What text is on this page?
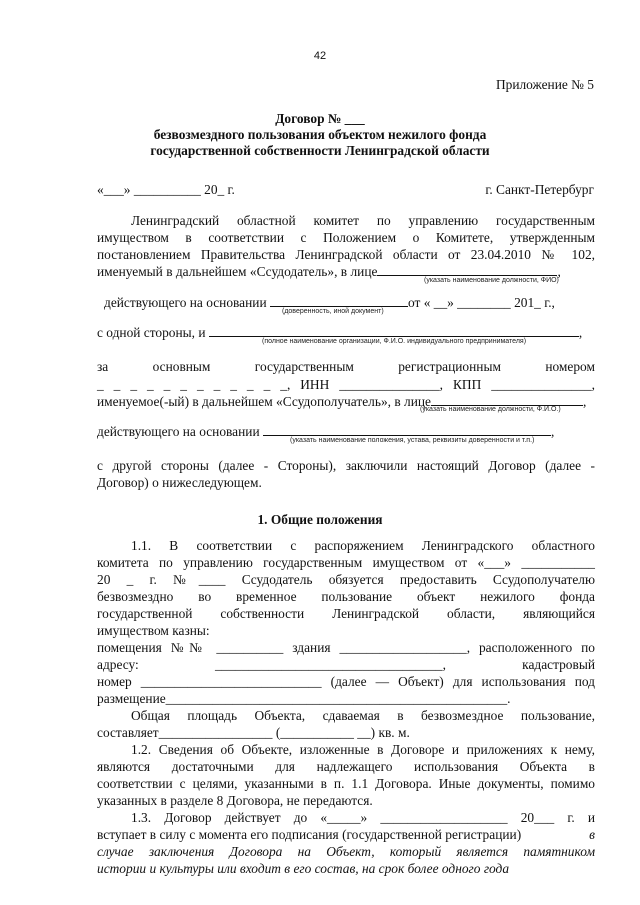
42
Приложение № 5
Договор № ___
безвозмездного пользования объектом нежилого фонда
государственной собственности Ленинградской области
«___» __________ 20_ г.	г. Санкт-Петербург
Ленинградский областной комитет по управлению государственным
имуществом в соответствии с Положением о Комитете, утвержденным
постановлением Правительства Ленинградской области от 23.04.2010 № 102,
именуемый в дальнейшем «Ссудодатель», в лице	,
(указать наименование должности, ФИО)
действующего на основании	от « __» ________ 201_ г.,
(доверенность, иной документ)
с одной стороны, и	,
(полное наименование организации, Ф.И.О. индивидуального предпринимателя)
за	основным	государственным	регистрационным	номером
_ _ _ _ _ _ _ _ _ _ _ _, ИНН _______________, КПП _______________,
именуемое(-ый) в дальнейшем «Ссудополучатель», в лице	,
(указать наименование должности, Ф.И.О.)
действующего на основании	,
(указать наименование положения, устава, реквизиты доверенности и т.п.)
с другой стороны (далее - Стороны), заключили настоящий Договор (далее -
Договор) о нижеследующем.
1. Общие положения
1.1. В соответствии с распоряжением Ленинградского областного
комитета по управлению государственным имуществом от «___» ___________
20 _ г. №____ Ссудодатель обязуется предоставить Ссудополучателю
безвозмездно во временное пользование объект нежилого фонда
государственной собственности Ленинградской области, являющийся
имуществом казны:
помещения №№ __________ здания ___________________, расположенного по
адресу: __________________________________, кадастровый
номер ___________________________ (далее — Объект) для использования под
размещение___________________________________________________.
Общая площадь Объекта, сдаваемая в безвозмездное пользование,
составляет_________________ (___________ __) кв. м.
1.2. Сведения об Объекте, изложенные в Договоре и приложениях к нему,
являются достаточными для надлежащего использования Объекта в
соответствии с целями, указанными в п. 1.1 Договора. Иные документы, помимо
указанных в разделе 8 Договора, не передаются.
1.3. Договор действует до «_____» ___________________ 20___ г. и
вступает в силу с момента его подписания (государственной регистрации)	в
случае заключения Договора на Объект, который является памятником
истории и культуры или входит в его состав, на срок более одного года
